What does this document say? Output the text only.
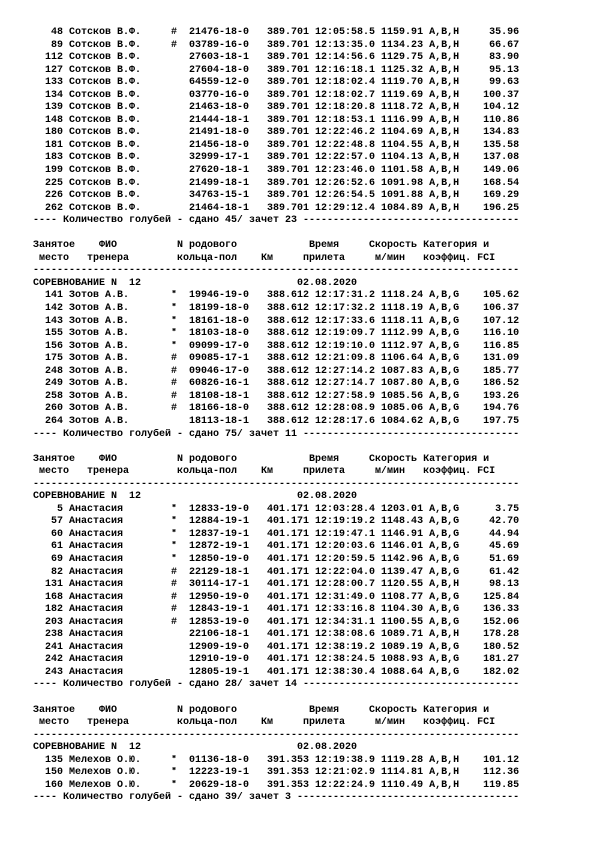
48 Сотсков В.Ф.     #  21476-18-0   389.701 12:05:58.5 1159.91 A,B,H     35.96
89 Сотсков В.Ф.     #  03789-16-0   389.701 12:13:35.0 1134.23 A,B,H     66.67
112 Сотсков В.Ф.        27603-18-1   389.701 12:14:56.6 1129.75 A,B,H     83.90
127 Сотсков В.Ф.        27604-18-0   389.701 12:16:18.1 1125.32 A,B,H     95.13
133 Сотсков В.Ф.        64559-12-0   389.701 12:18:02.4 1119.70 A,B,H     99.63
134 Сотсков В.Ф.        03770-16-0   389.701 12:18:02.7 1119.69 A,B,H    100.37
139 Сотсков В.Ф.        21463-18-0   389.701 12:18:20.8 1118.72 A,B,H    104.12
148 Сотсков В.Ф.        21444-18-1   389.701 12:18:53.1 1116.99 A,B,H    110.86
180 Сотсков В.Ф.        21491-18-0   389.701 12:22:46.2 1104.69 A,B,H    134.83
181 Сотсков В.Ф.        21456-18-0   389.701 12:22:48.8 1104.55 A,B,H    135.58
183 Сотсков В.Ф.        32999-17-1   389.701 12:22:57.0 1104.13 A,B,H    137.08
199 Сотсков В.Ф.        27620-18-1   389.701 12:23:46.0 1101.58 A,B,H    149.06
225 Сотсков В.Ф.        21499-18-1   389.701 12:26:52.6 1091.98 A,B,H    168.54
226 Сотсков В.Ф.        34763-15-1   389.701 12:26:54.5 1091.88 A,B,H    169.29
262 Сотсков В.Ф.        21464-18-1   389.701 12:29:12.4 1084.89 A,B,H    196.25
---- Количество голубей - сдано 45/ зачет 23 ------------------------------------
Занятое    ФИО          N родового            Время     Скорость Категория и
место   тренера        кольца-пол    Км     прилета     м/мин   коэффиц. FCI
---------------------------------------------------------------------------------
СОРЕВНОВАНИЕ N  12                          02.08.2020
141 Зотов А.В.       *  19946-19-0   388.612 12:17:31.2 1118.24 A,B,G    105.62
142 Зотов А.В.       *  18199-18-0   388.612 12:17:32.2 1118.19 A,B,G    106.37
143 Зотов А.В.       *  18161-18-0   388.612 12:17:33.6 1118.11 A,B,G    107.12
155 Зотов А.В.       *  18103-18-0   388.612 12:19:09.7 1112.99 A,B,G    116.10
156 Зотов А.В.       *  09099-17-0   388.612 12:19:10.0 1112.97 A,B,G    116.85
175 Зотов А.В.       #  09085-17-1   388.612 12:21:09.8 1106.64 A,B,G    131.09
248 Зотов А.В.       #  09046-17-0   388.612 12:27:14.2 1087.83 A,B,G    185.77
249 Зотов А.В.       #  60826-16-1   388.612 12:27:14.7 1087.80 A,B,G    186.52
258 Зотов А.В.       #  18108-18-1   388.612 12:27:58.9 1085.56 A,B,G    193.26
260 Зотов А.В.       #  18166-18-0   388.612 12:28:08.9 1085.06 A,B,G    194.76
264 Зотов А.В.          18113-18-1   388.612 12:28:17.6 1084.62 A,B,G    197.75
---- Количество голубей - сдано 75/ зачет 11 ------------------------------------
Занятое    ФИО          N родового            Время     Скорость Категория и
место   тренера        кольца-пол    Км     прилета     м/мин   коэффиц. FCI
---------------------------------------------------------------------------------
СОРЕВНОВАНИЕ N  12                          02.08.2020
5 Анастасия        *  12833-19-0   401.171 12:03:28.4 1203.01 A,B,G      3.75
57 Анастасия        *  12884-19-1   401.171 12:19:19.2 1148.43 A,B,G     42.70
60 Анастасия        *  12837-19-1   401.171 12:19:47.1 1146.91 A,B,G     44.94
61 Анастасия        *  12872-19-1   401.171 12:20:03.6 1146.01 A,B,G     45.69
69 Анастасия        *  12850-19-0   401.171 12:20:59.5 1142.96 A,B,G     51.69
82 Анастасия        #  22129-18-1   401.171 12:22:04.0 1139.47 A,B,G     61.42
131 Анастасия        #  30114-17-1   401.171 12:28:00.7 1120.55 A,B,H     98.13
168 Анастасия        #  12950-19-0   401.171 12:31:49.0 1108.77 A,B,G    125.84
182 Анастасия        #  12843-19-1   401.171 12:33:16.8 1104.30 A,B,G    136.33
203 Анастасия        #  12853-19-0   401.171 12:34:31.1 1100.55 A,B,G    152.06
238 Анастасия           22106-18-1   401.171 12:38:08.6 1089.71 A,B,H    178.28
241 Анастасия           12909-19-0   401.171 12:38:19.2 1089.19 A,B,G    180.52
242 Анастасия           12910-19-0   401.171 12:38:24.5 1088.93 A,B,G    181.27
243 Анастасия           12805-19-1   401.171 12:38:30.4 1088.64 A,B,G    182.02
---- Количество голубей - сдано 28/ зачет 14 ------------------------------------
Занятое    ФИО          N родового            Время     Скорость Категория и
место   тренера        кольца-пол    Км     прилета     м/мин   коэффиц. FCI
---------------------------------------------------------------------------------
СОРЕВНОВАНИЕ N  12                          02.08.2020
135 Мелехов О.Ю.     *  01136-18-0   391.353 12:19:38.9 1119.28 A,B,H    101.12
150 Мелехов О.Ю.     *  12223-19-1   391.353 12:21:02.9 1114.81 A,B,H    112.36
160 Мелехов О.Ю.     *  20629-18-0   391.353 12:22:24.9 1110.49 A,B,H    119.85
---- Количество голубей - сдано 39/ зачет 3 -------------------------------------
